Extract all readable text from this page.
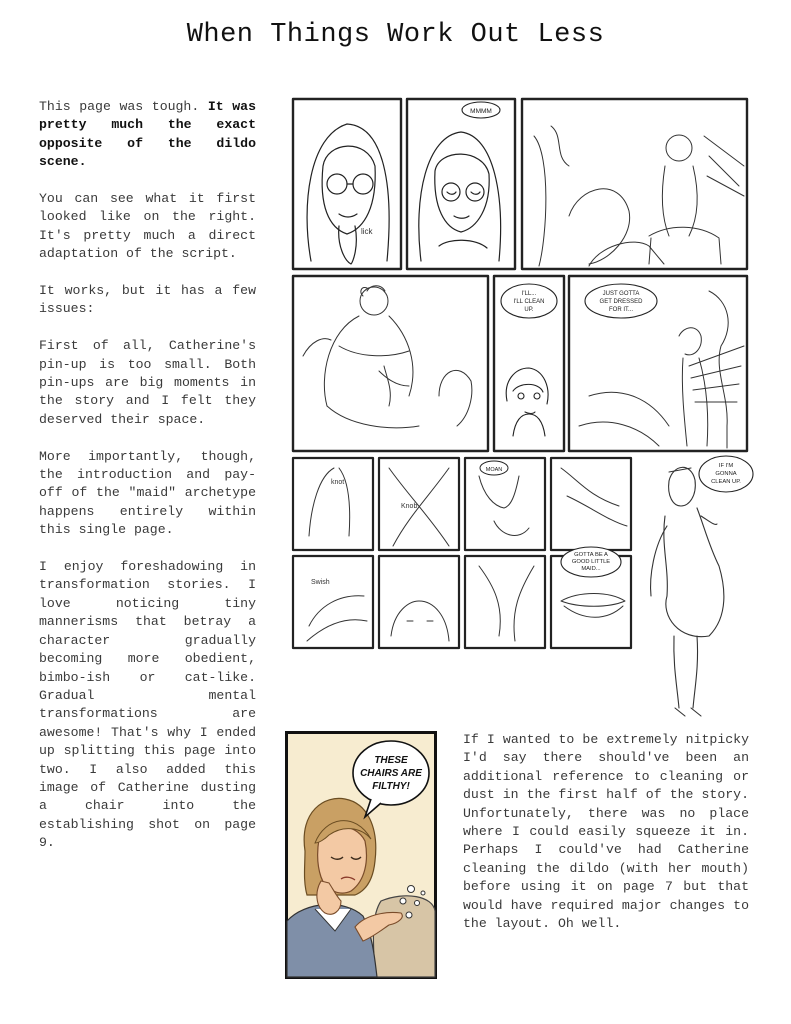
When Things Work Out Less

This page was tough. It was pretty much the exact opposite of the dildo scene.

You can see what it first looked like on the right. It's pretty much a direct adaptation of the script.

It works, but it has a few issues:

First of all, Catherine's pin-up is too small. Both pin-ups are big moments in the story and I felt they deserved their space.

More importantly, though, the introduction and pay-off of the "maid" archetype happens entirely within this single page.

I enjoy foreshadowing in transformation stories. I love noticing tiny mannerisms that betray a character gradually becoming more obedient, bimbo-ish or cat-like. Gradual mental transformations are awesome! That's why I ended up splitting this page into two. I also added this image of Catherine dusting a chair into the establishing shot on page 9.

If I wanted to be extremely nitpicky I'd say there should've been an additional reference to cleaning or dust in the first half of the story. Unfortunately, there was no place where I could easily squeeze it in. Perhaps I could've had Catherine cleaning the dildo (with her mouth) before using it on page 7 but that would have required major changes to the layout. Oh well.

lick
MMMM
I'LL...
I'LL CLEAN
UP.
JUST GOTTA
GET DRESSED
FOR IT...
knot
Knob
MOAN
Swish
GOTTA BE A
GOOD LITTLE
MAID...
IF I'M
GONNA
CLEAN UP.
THESE
CHAIRS ARE
FILTHY!
